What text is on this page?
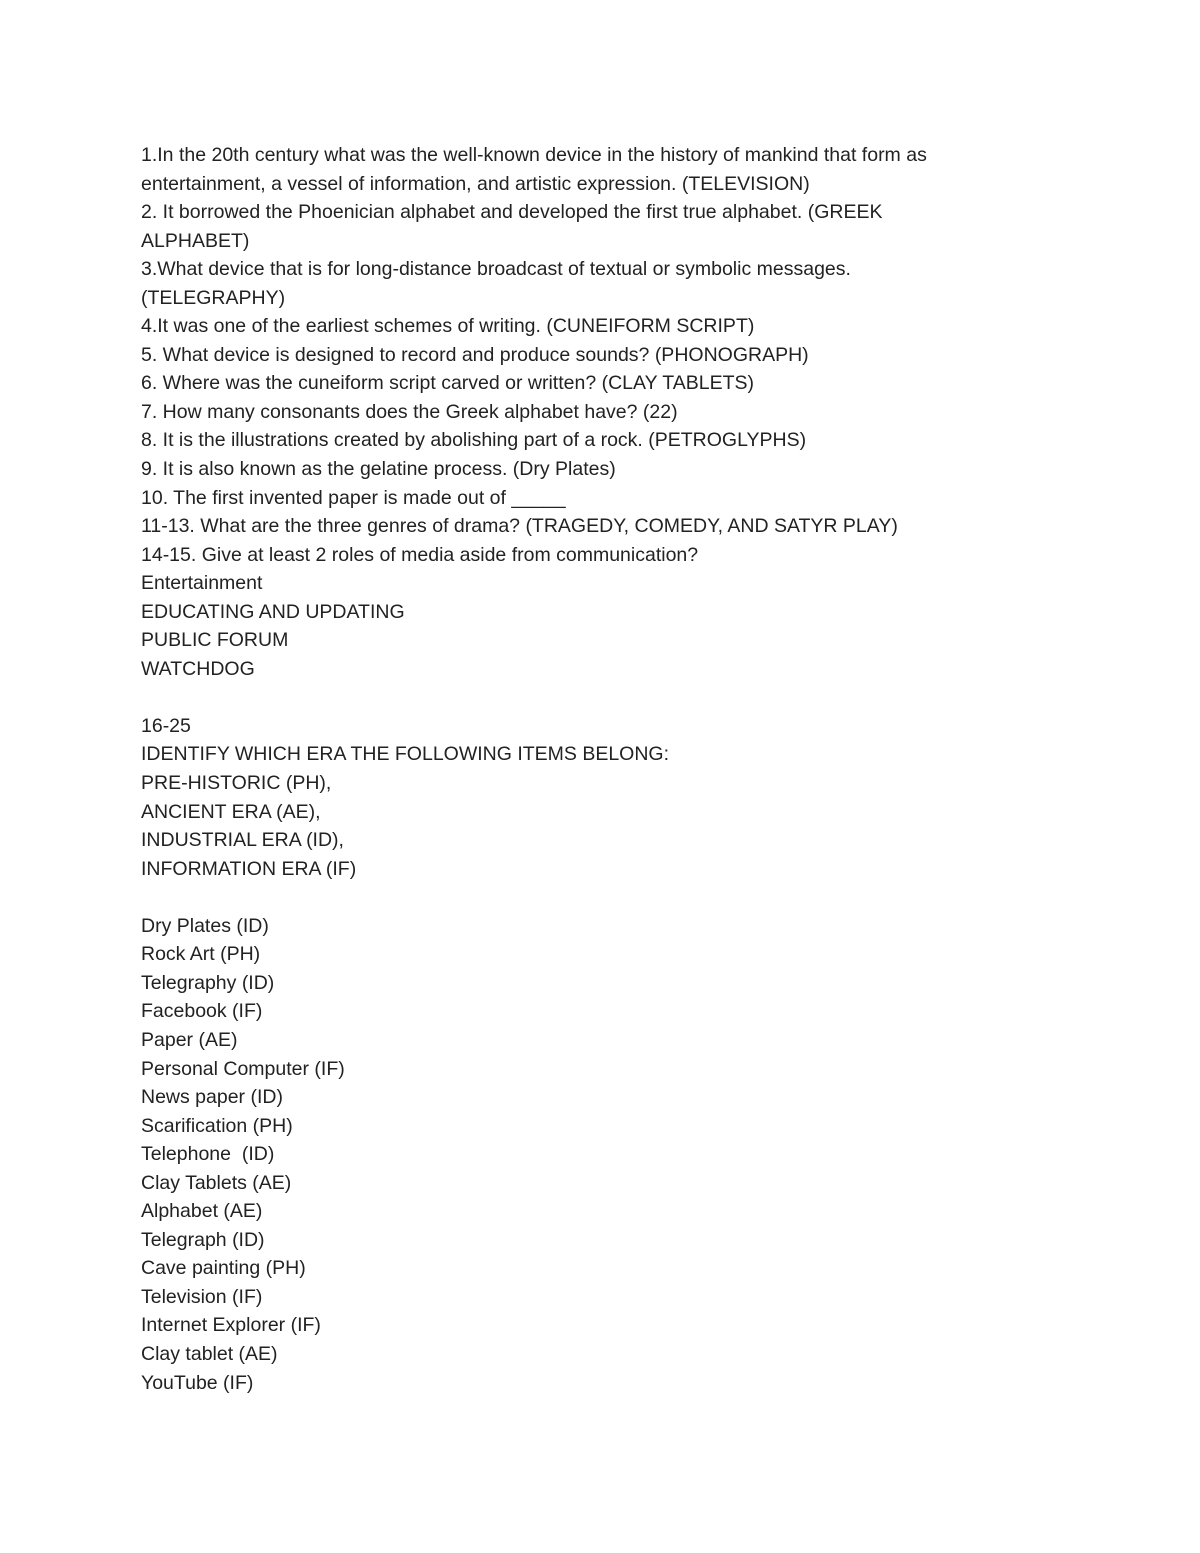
1.In the 20th century what was the well-known device in the history of mankind that form as

entertainment, a vessel of information, and artistic expression. (TELEVISION)

2. It borrowed the Phoenician alphabet and developed the first true alphabet. (GREEK

ALPHABET)

3.What device that is for long-distance broadcast of textual or symbolic messages.

(TELEGRAPHY)

4.It was one of the earliest schemes of writing. (CUNEIFORM SCRIPT)

5. What device is designed to record and produce sounds? (PHONOGRAPH)

6. Where was the cuneiform script carved or written? (CLAY TABLETS)

7. How many consonants does the Greek alphabet have? (22)

8. It is the illustrations created by abolishing part of a rock. (PETROGLYPHS)

9. It is also known as the gelatine process. (Dry Plates)

10. The first invented paper is made out of _____

11-13. What are the three genres of drama? (TRAGEDY, COMEDY, AND SATYR PLAY)

14-15. Give at least 2 roles of media aside from communication?

Entertainment

EDUCATING AND UPDATING

PUBLIC FORUM

WATCHDOG

16-25

IDENTIFY WHICH ERA THE FOLLOWING ITEMS BELONG:

PRE-HISTORIC (PH),

ANCIENT ERA (AE),

INDUSTRIAL ERA (ID),

INFORMATION ERA (IF)

Dry Plates (ID)

Rock Art (PH)

Telegraphy (ID)

Facebook (IF)

Paper (AE)

Personal Computer (IF)

News paper (ID)

Scarification (PH)

Telephone  (ID)

Clay Tablets (AE)

Alphabet (AE)

Telegraph (ID)

Cave painting (PH)

Television (IF)

Internet Explorer (IF)

Clay tablet (AE)

YouTube (IF)
